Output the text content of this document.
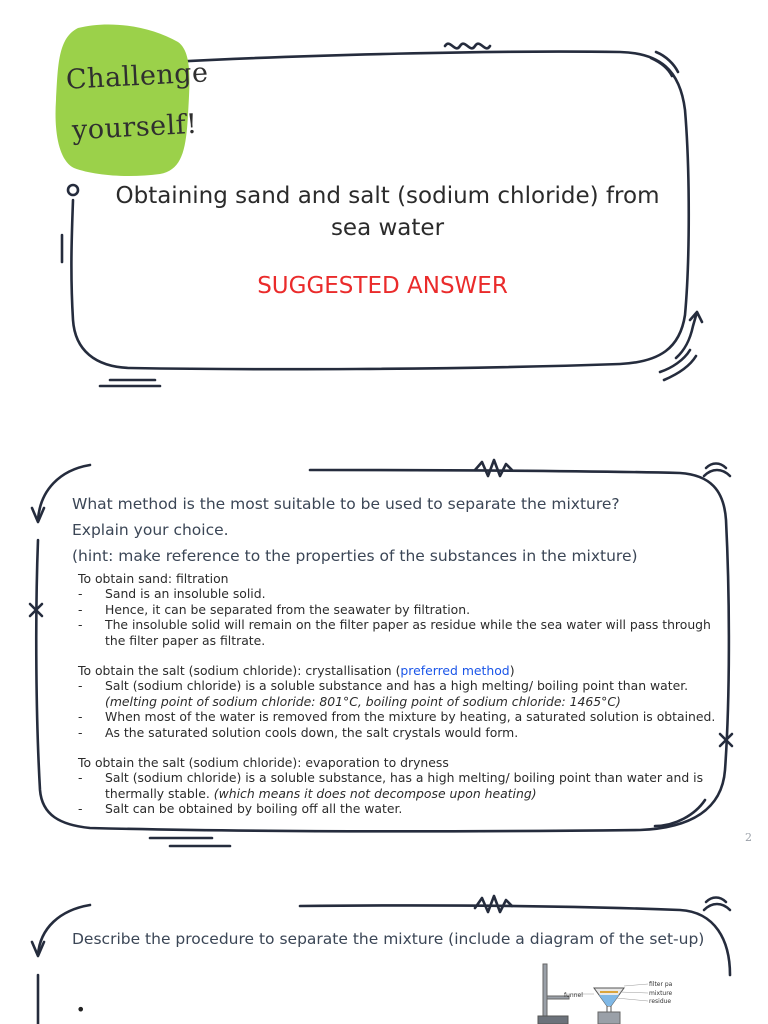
Challenge
yourself!
Obtaining sand and salt (sodium chloride) from sea water
SUGGESTED ANSWER
What method is the most suitable to be used to separate the mixture?
Explain your choice.
(hint: make reference to the properties of the substances in the mixture)

To obtain sand: filtration

-	Sand is an insoluble solid.
-	Hence, it can be separated from the seawater by filtration.
-	The insoluble solid will remain on the filter paper as residue while the sea water will pass through the filter paper as filtrate.

To obtain the salt (sodium chloride): crystallisation (preferred method)

-	Salt (sodium chloride) is a soluble substance and has a high melting/ boiling point than water. (melting point of sodium chloride: 801°C, boiling point of sodium chloride: 1465°C)
-	When most of the water is removed from the mixture by heating, a saturated solution is obtained.
-	As the saturated solution cools down, the salt crystals would form.

To obtain the salt (sodium chloride): evaporation to dryness

-	Salt (sodium chloride) is a soluble substance, has a high melting/ boiling point than water and is thermally stable. (which means it does not decompose upon heating)
-	Salt can be obtained by boiling off all the water.
2
Describe the procedure to separate the mixture (include a diagram of the set-up)
•
funnel
filter pa
mixture
residue
